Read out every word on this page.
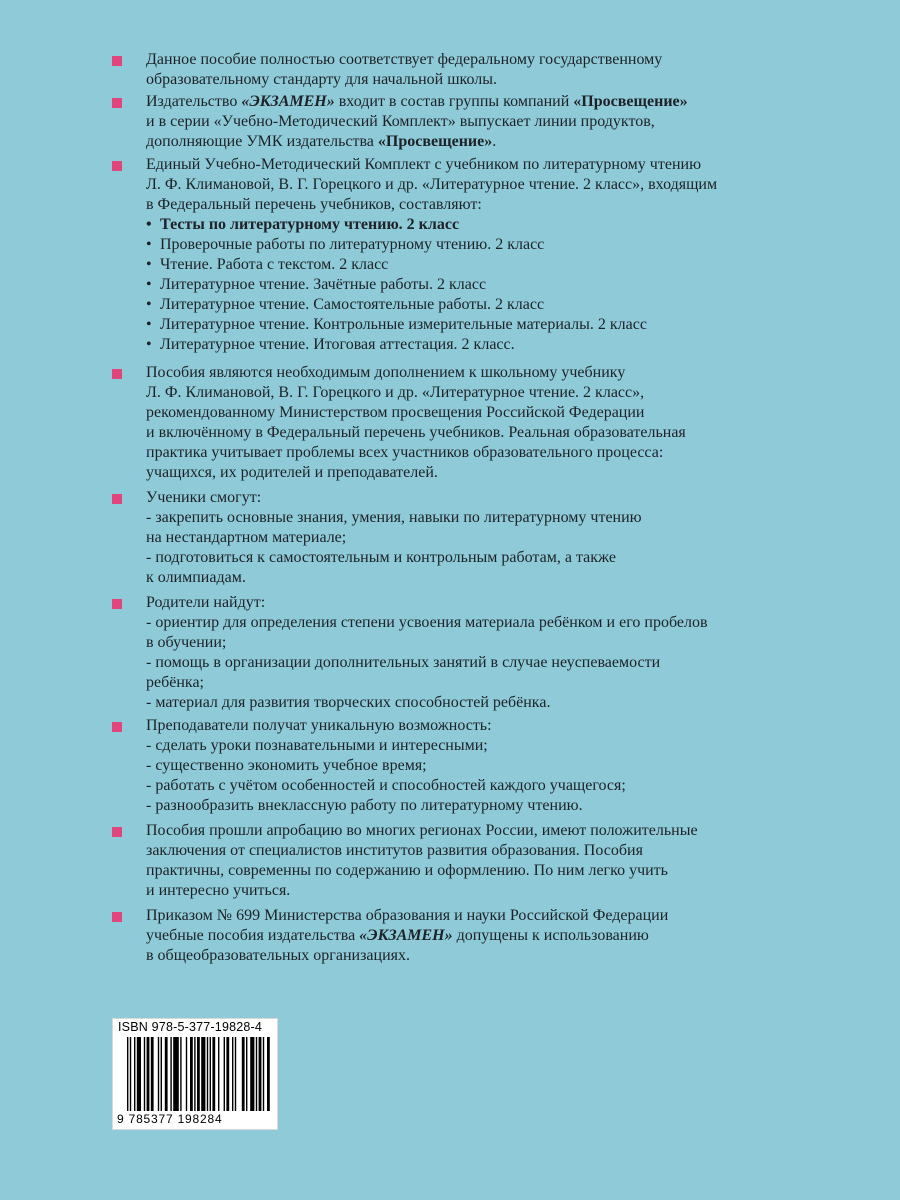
Данное пособие полностью соответствует федеральному государственному

образовательному стандарту для начальной школы.

Издательство «ЭКЗАМЕН» входит в состав группы компаний «Просвещение»

и в серии «Учебно-Методический Комплект» выпускает линии продуктов,

дополняющие УМК издательства «Просвещение».

Единый Учебно-Методический Комплект с учебником по литературному чтению

Л. Ф. Климановой, В. Г. Горецкого и др. «Литературное чтение. 2 класс», входящим

в Федеральный перечень учебников, составляют:

• Тесты по литературному чтению. 2 класс
• Проверочные работы по литературному чтению. 2 класс
• Чтение. Работа с текстом. 2 класс
• Литературное чтение. Зачётные работы. 2 класс
• Литературное чтение. Самостоятельные работы. 2 класс
• Литературное чтение. Контрольные измерительные материалы. 2 класс
• Литературное чтение. Итоговая аттестация. 2 класс.

Пособия являются необходимым дополнением к школьному учебнику

Л. Ф. Климановой, В. Г. Горецкого и др. «Литературное чтение. 2 класс»,

рекомендованному Министерством просвещения Российской Федерации

и включённому в Федеральный перечень учебников. Реальная образовательная

практика учитывает проблемы всех участников образовательного процесса:

учащихся, их родителей и преподавателей.

Ученики смогут:

- закрепить основные знания, умения, навыки по литературному чтению

на нестандартном материале;

- подготовиться к самостоятельным и контрольным работам, а также

к олимпиадам.

Родители найдут:

- ориентир для определения степени усвоения материала ребёнком и его пробелов

в обучении;

- помощь в организации дополнительных занятий в случае неуспеваемости

ребёнка;

- материал для развития творческих способностей ребёнка.

Преподаватели получат уникальную возможность:

- сделать уроки познавательными и интересными;

- существенно экономить учебное время;

- работать с учётом особенностей и способностей каждого учащегося;

- разнообразить внеклассную работу по литературному чтению.

Пособия прошли апробацию во многих регионах России, имеют положительные

заключения от специалистов институтов развития образования. Пособия

практичны, современны по содержанию и оформлению. По ним легко учить

и интересно учиться.

Приказом № 699 Министерства образования и науки Российской Федерации

учебные пособия издательства «ЭКЗАМЕН» допущены к использованию

в общеобразовательных организациях.

ISBN 978-5-377-19828-4
9 785377 198284
